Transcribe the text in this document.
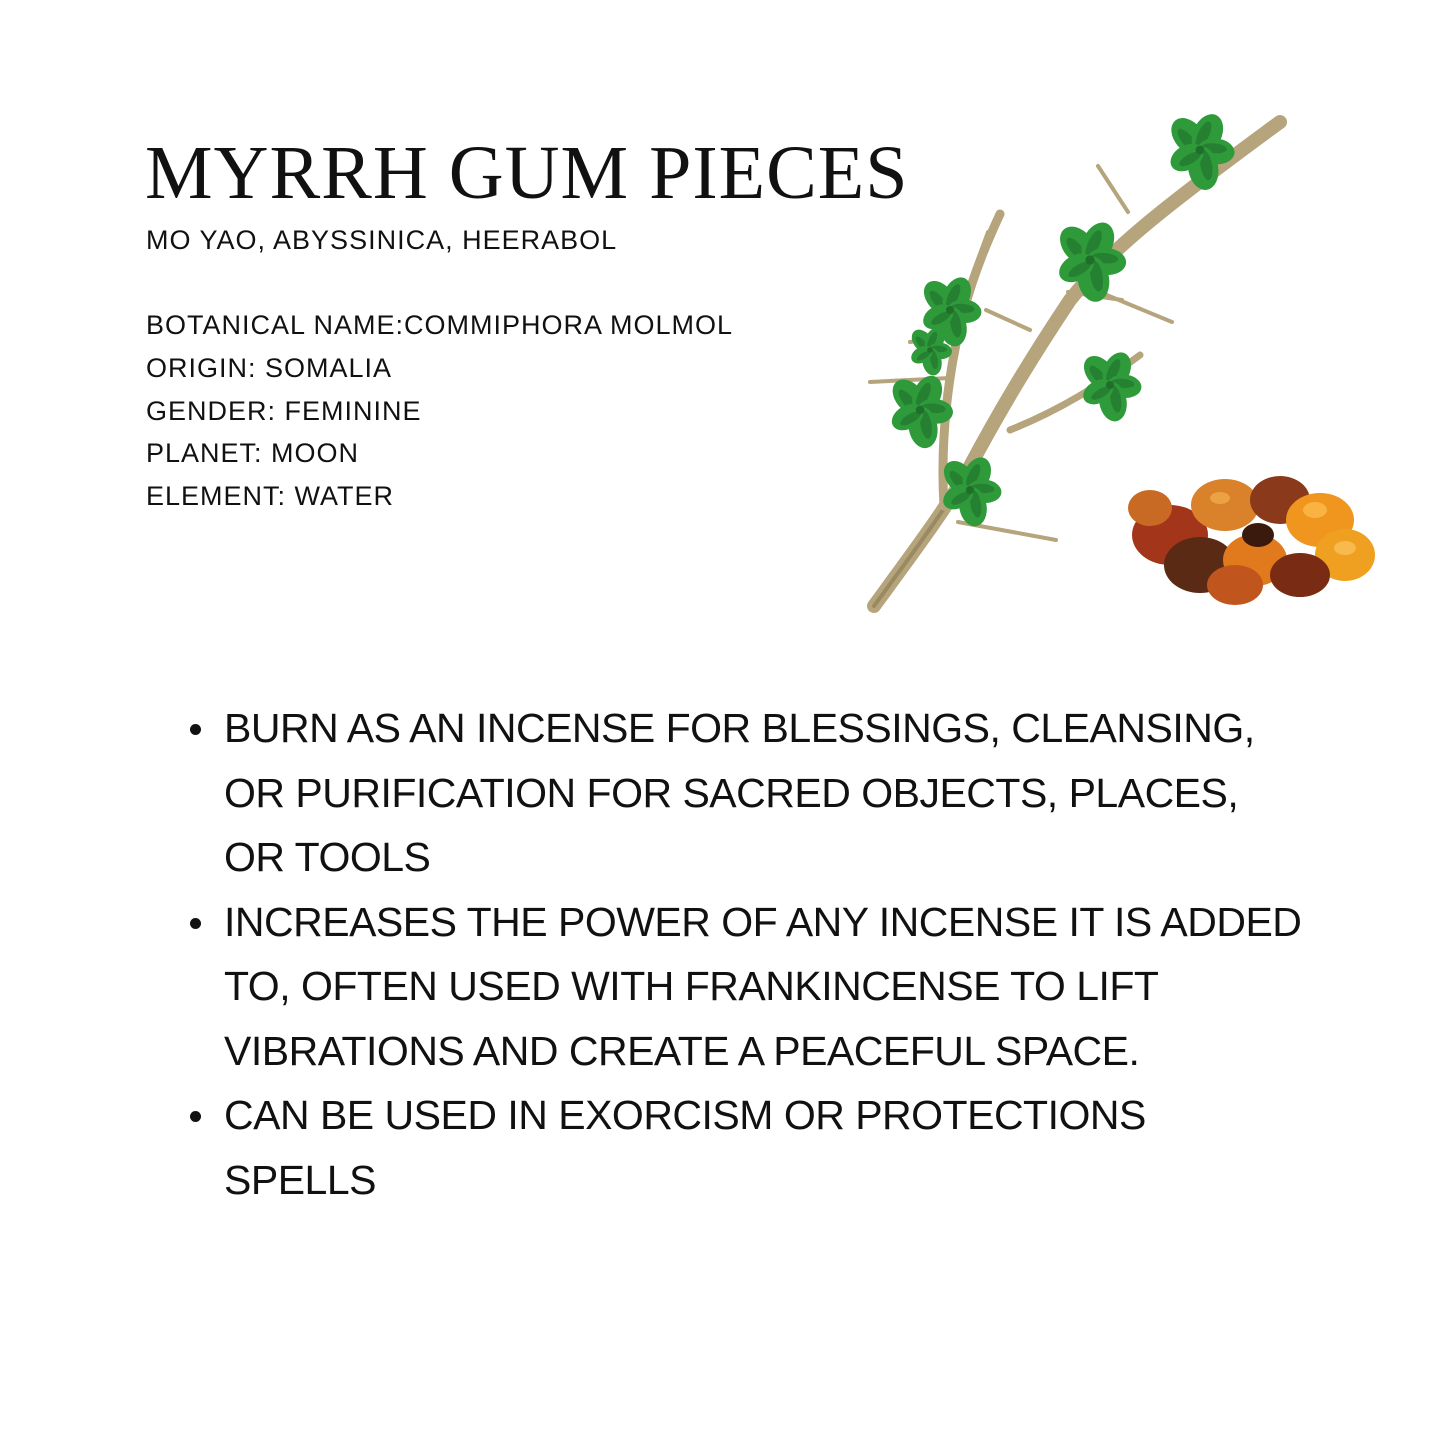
MYRRH GUM PIECES
MO YAO, ABYSSINICA, HEERABOL
BOTANICAL NAME:COMMIPHORA MOLMOL
ORIGIN: SOMALIA
GENDER: FEMININE
PLANET: MOON
ELEMENT: WATER
BURN AS AN INCENSE FOR BLESSINGS, CLEANSING, OR PURIFICATION FOR SACRED OBJECTS, PLACES, OR TOOLS
INCREASES THE POWER OF ANY INCENSE IT IS ADDED TO, OFTEN USED WITH FRANKINCENSE TO LIFT VIBRATIONS AND CREATE A PEACEFUL SPACE.
CAN BE USED IN EXORCISM OR PROTECTIONS SPELLS
